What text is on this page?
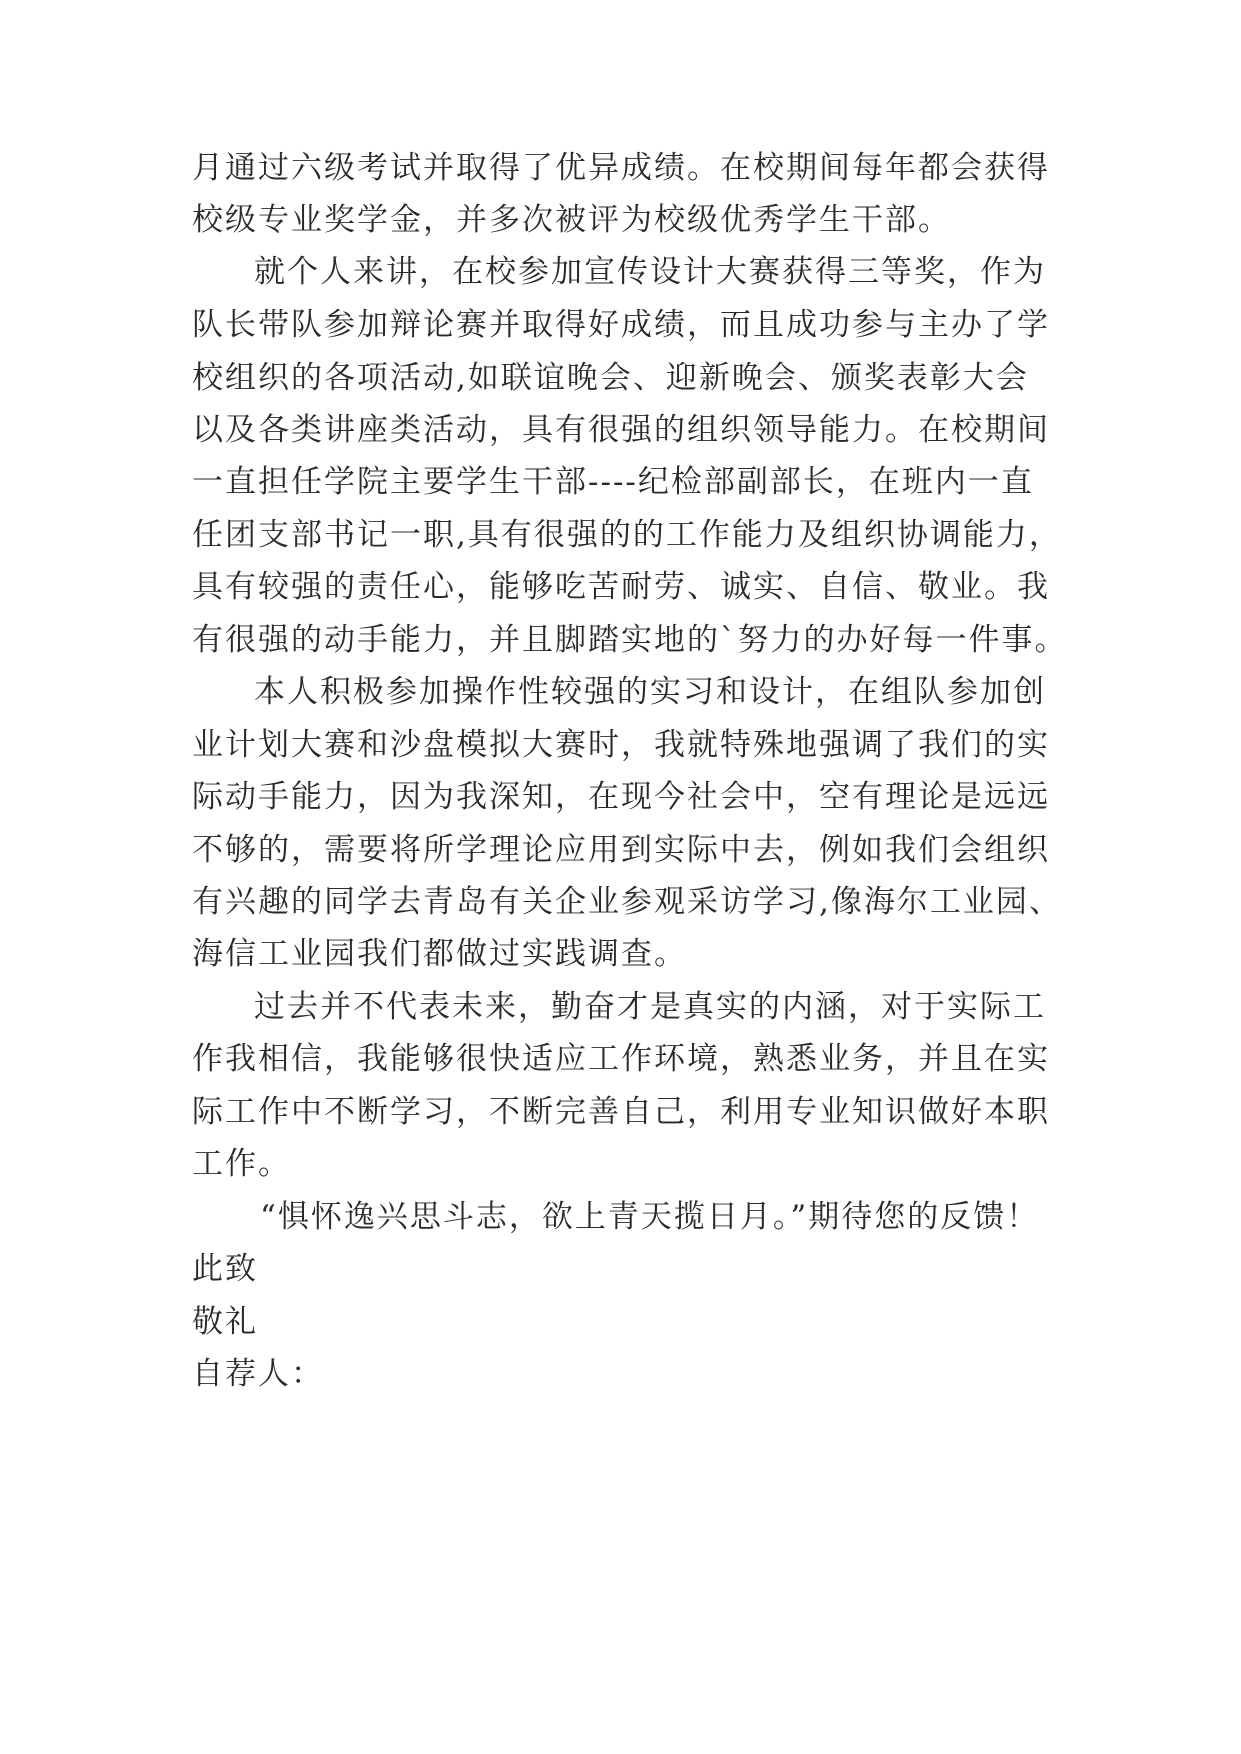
月通过六级考试并取得了优异成绩。在校期间每年都会获得

校级专业奖学金，并多次被评为校级优秀学生干部。

就个人来讲，在校参加宣传设计大赛获得三等奖，作为

队长带队参加辩论赛并取得好成绩，而且成功参与主办了学

校组织的各项活动,如联谊晚会、迎新晚会、颁奖表彰大会

以及各类讲座类活动，具有很强的组织领导能力。在校期间

一直担任学院主要学生干部----纪检部副部长，在班内一直

任团支部书记一职,具有很强的的工作能力及组织协调能力，

具有较强的责任心，能够吃苦耐劳、诚实、自信、敬业。我

有很强的动手能力，并且脚踏实地的`努力的办好每一件事。

本人积极参加操作性较强的实习和设计，在组队参加创

业计划大赛和沙盘模拟大赛时，我就特殊地强调了我们的实

际动手能力，因为我深知，在现今社会中，空有理论是远远

不够的，需要将所学理论应用到实际中去，例如我们会组织

有兴趣的同学去青岛有关企业参观采访学习,像海尔工业园、

海信工业园我们都做过实践调查。

过去并不代表未来，勤奋才是真实的内涵，对于实际工

作我相信，我能够很快适应工作环境，熟悉业务，并且在实

际工作中不断学习，不断完善自己，利用专业知识做好本职

工作。

“惧怀逸兴思斗志，欲上青天揽日月。”期待您的反馈！

此致

敬礼

自荐人：
